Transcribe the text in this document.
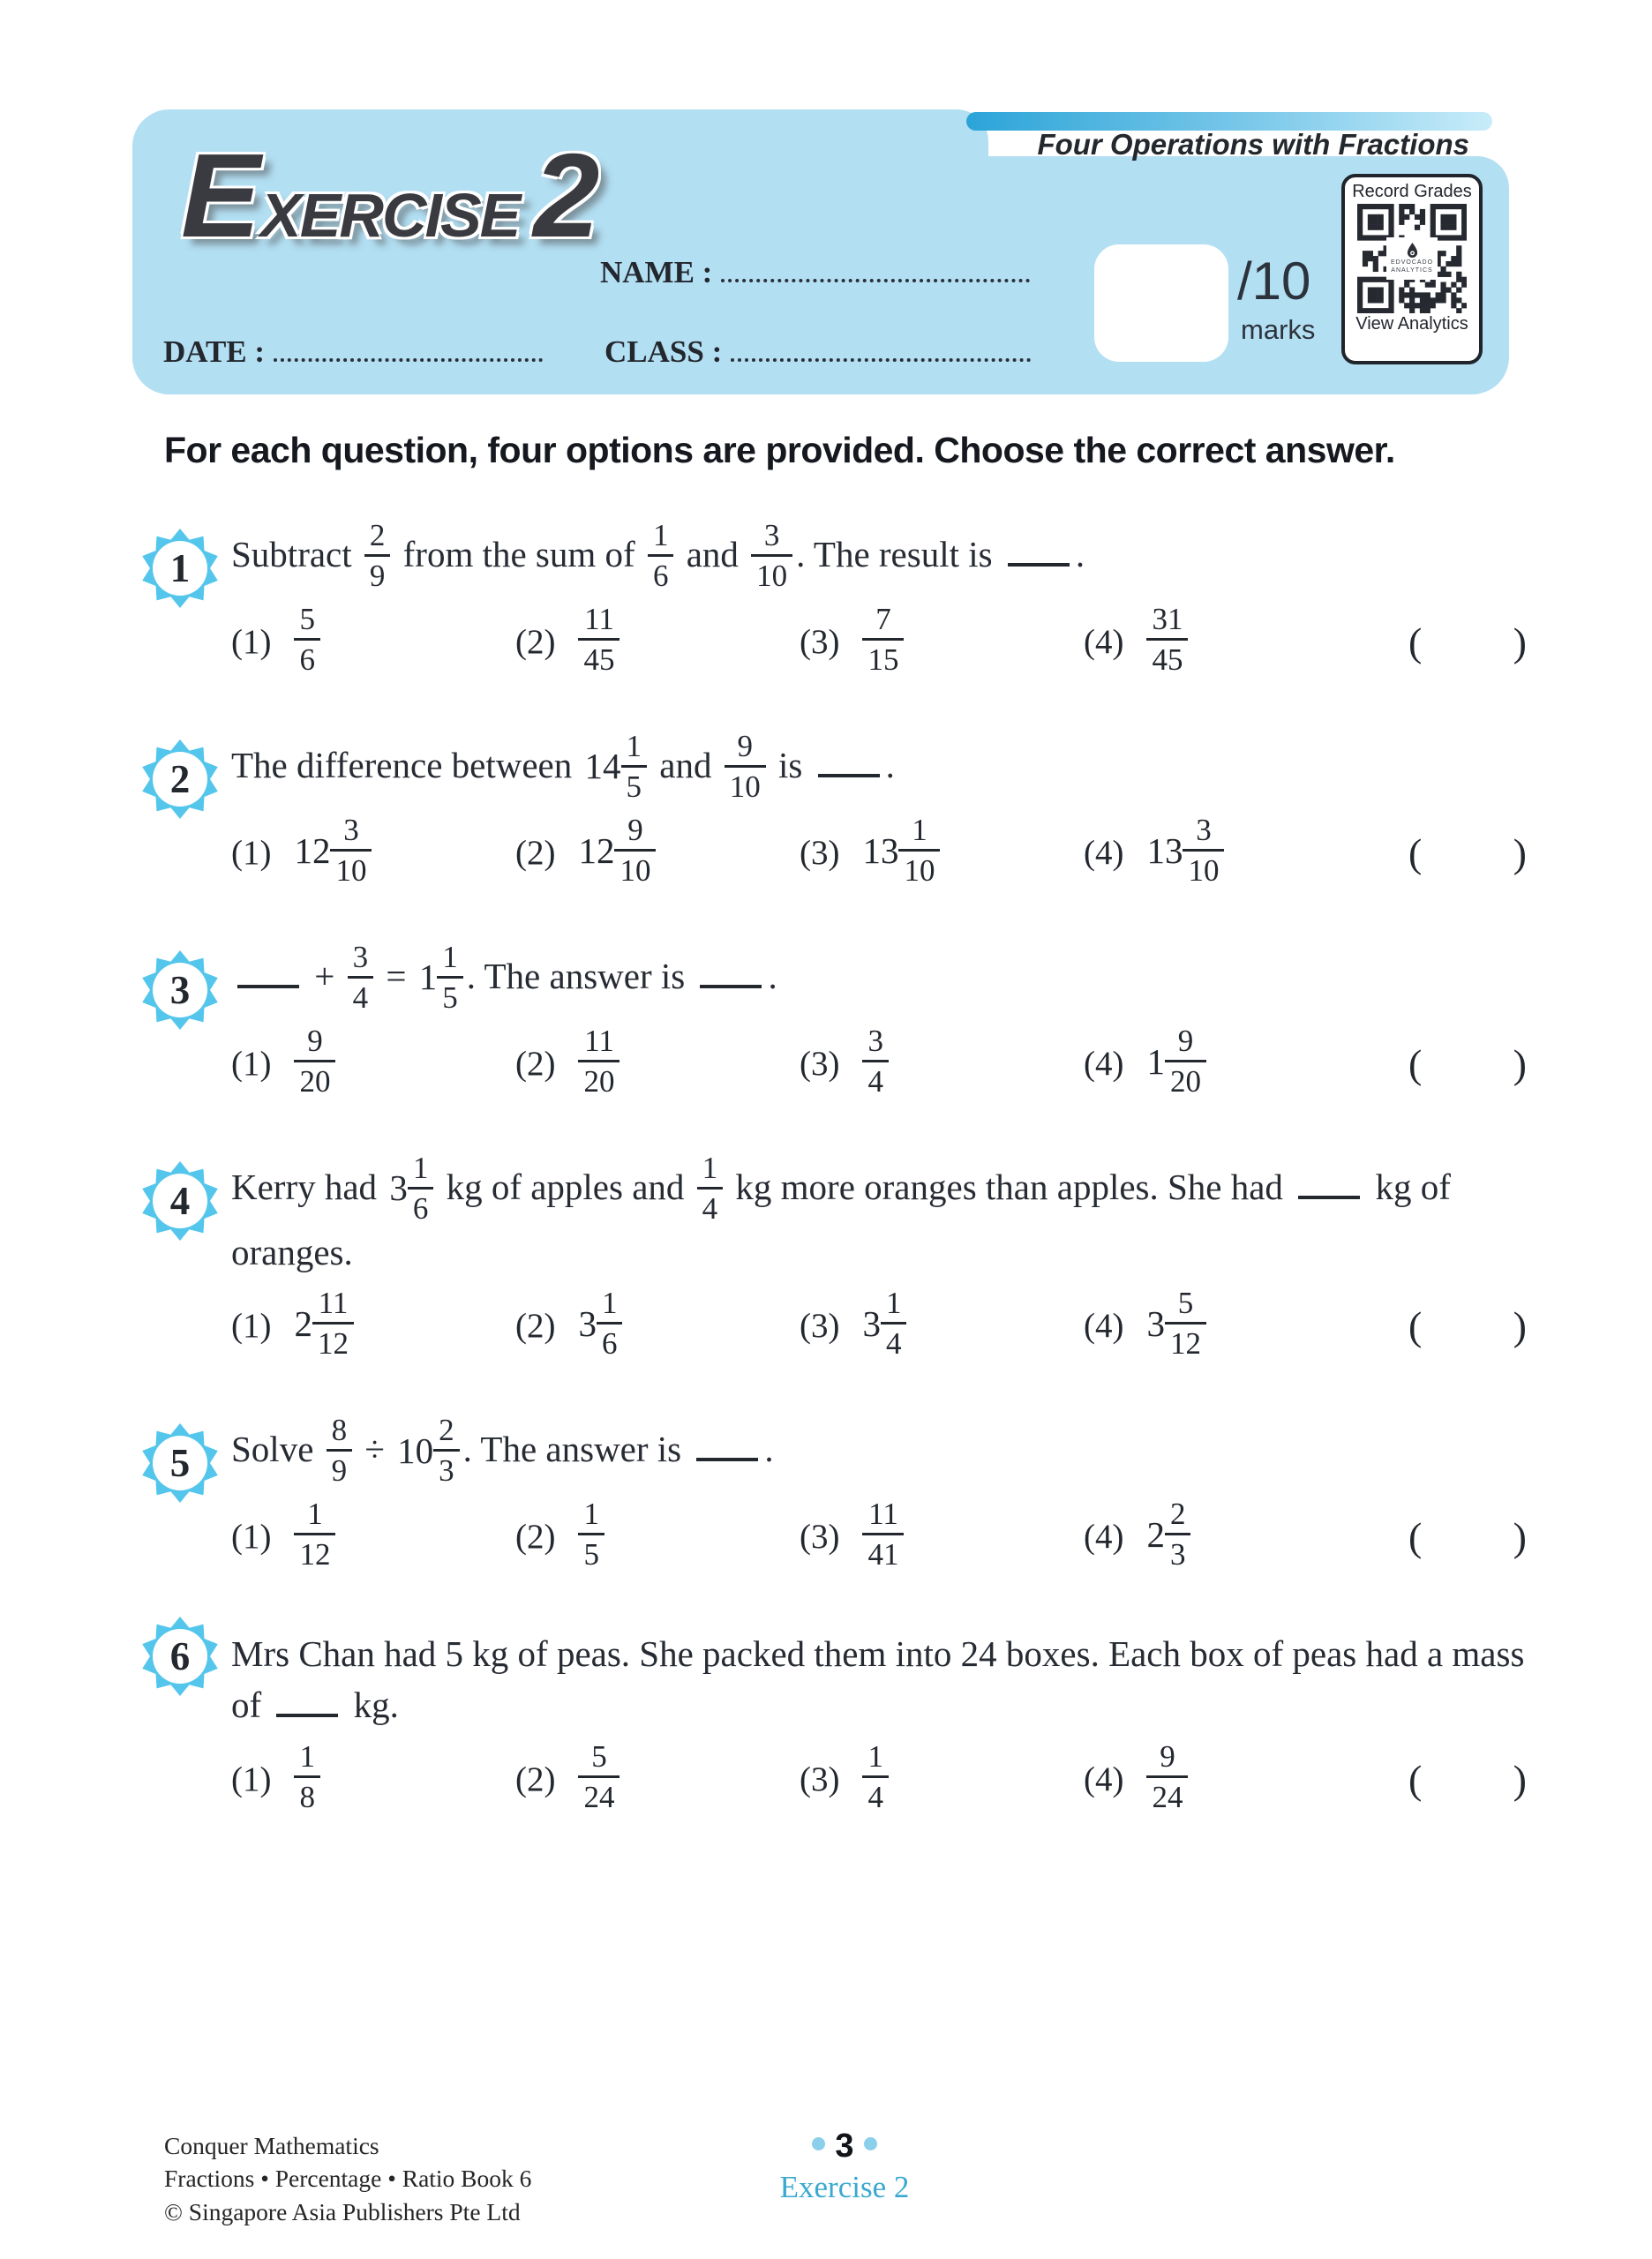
Four Operations with Fractions
EXERCISE 2
NAME :
DATE :	CLASS :
/10
marks
Record Grades
EDVOCADO
ANALYTICS
View Analytics
For each question, four options are provided. Choose the correct answer.
1	Subtract $\frac{2}{9}$ from the sum of $\frac{1}{6}$ and $\frac{3}{10}$ . The result is .
$(1) \frac{5}{6}$	$(2) \frac{11}{45}$	$(3) \frac{7}{15}$	$(4) \frac{31}{45}$	( )
2	The difference between $14 \frac{1}{5}$ and $\frac{9}{10}$ is .
(1) $12 \frac{3}{10}$	(2) $12 \frac{9}{10}$	(3) $13 \frac{1}{10}$	(4) $13 \frac{3}{10}$	( )
3	+ $\frac{3}{4} = 1 \frac{1}{5}$ . The answer is .
$(1) \frac{9}{20}$	$(2) \frac{11}{20}$	$(3) \frac{3}{4}$	(4) $1 \frac{9}{20}$	( )
4	Kerry had $3 \frac{1}{6}$ kg of apples and $\frac{1}{4}$ kg more oranges than apples. She had  kg of oranges.
(1) $2 \frac{11}{12}$	(2) $3 \frac{1}{6}$	(3) $3 \frac{1}{4}$	(4) $3 \frac{5}{12}$	( )
5	Solve $\frac{8}{9} \div 10 \frac{2}{3}$ . The answer is .
$(1) \frac{1}{12}$	$(2) \frac{1}{5}$	$(3) \frac{11}{41}$	(4) $2 \frac{2}{3}$	( )
6	Mrs Chan had 5 kg of peas. She packed them into 24 boxes. Each box of peas had a mass of  kg.
$(1) \frac{1}{8}$	$(2) \frac{5}{24}$	$(3) \frac{1}{4}$	$(4) \frac{9}{24}$	( )
Conquer Mathematics
Fractions • Percentage • Ratio Book 6
© Singapore Asia Publishers Pte Ltd
3
Exercise 2
